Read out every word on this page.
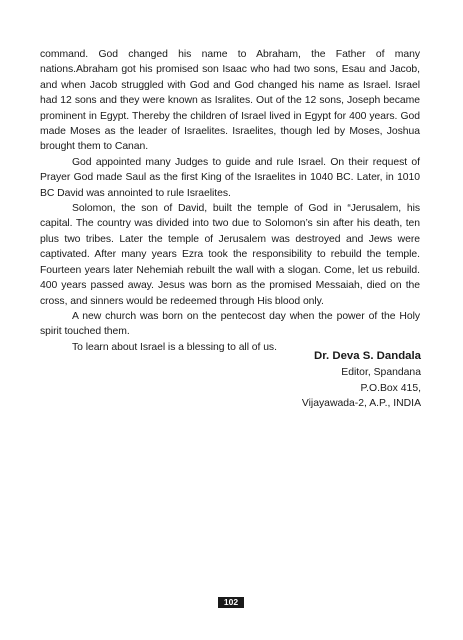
command. God changed his name to Abraham, the Father of many nations.Abraham got his promised son Isaac who had two sons, Esau and Jacob, and when Jacob struggled with God and God changed his name as Israel. Israel had 12 sons and they were known as Isralites. Out of the 12 sons, Joseph became prominent in Egypt. Thereby the children of Israel lived in Egypt for 400 years. God made Moses as the leader of Israelites. Israelites, though led by Moses, Joshua brought them to Canan.

God appointed many Judges to guide and rule Israel. On their request of Prayer God made Saul as the first King of the Israelites in 1040 BC. Later, in 1010 BC David was annointed to rule Israelites.

Solomon, the son of David, built the temple of God in “Jerusalem, his capital. The country was divided into two due to Solomon’s sin after his death, ten plus two tribes. Later the temple of Jerusalem was destroyed and Jews were captivated. After many years Ezra took the responsibility to rebuild the temple. Fourteen years later Nehemiah rebuilt the wall with a slogan. Come, let us rebuild. 400 years passed away. Jesus was born as the promised Messaiah, died on the cross, and sinners would be redeemed through His blood only.

A new church was born on the pentecost day when the power of the Holy spirit touched them.

To learn about Israel is a blessing to all of us.

Dr. Deva S. Dandala
Editor, Spandana
P.O.Box 415,
Vijayawada-2, A.P., INDIA
102
